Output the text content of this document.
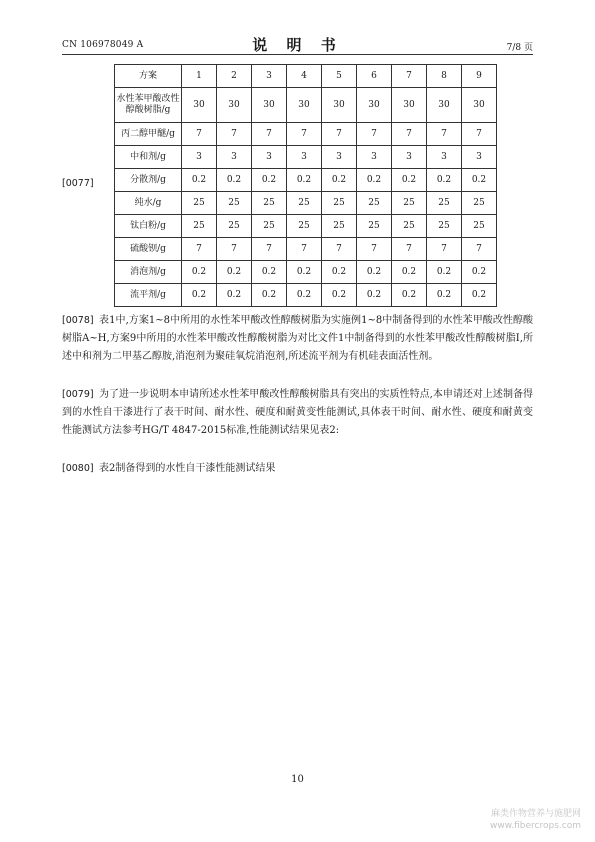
CN 106978049 A	说 明 书	7/8 页
[0077]
方案	1	2	3	4	5	6	7	8	9
水性苯甲酸改性醇酸树脂/g	30	30	30	30	30	30	30	30	30
丙二醇甲醚/g	7	7	7	7	7	7	7	7	7
中和剂/g	3	3	3	3	3	3	3	3	3
分散剂/g	0.2	0.2	0.2	0.2	0.2	0.2	0.2	0.2	0.2
纯水/g	25	25	25	25	25	25	25	25	25
钛白粉/g	25	25	25	25	25	25	25	25	25
硫酸钡/g	7	7	7	7	7	7	7	7	7
消泡剂/g	0.2	0.2	0.2	0.2	0.2	0.2	0.2	0.2	0.2
流平剂/g	0.2	0.2	0.2	0.2	0.2	0.2	0.2	0.2	0.2
[0078] 表1中,方案1~8中所用的水性苯甲酸改性醇酸树脂为实施例1~8中制备得到的水性苯甲酸改性醇酸树脂A~H,方案9中所用的水性苯甲酸改性醇酸树脂为对比文件1中制备得到的水性苯甲酸改性醇酸树脂I,所述中和剂为二甲基乙醇胺,消泡剂为聚硅氧烷消泡剂,所述流平剂为有机硅表面活性剂。
[0079] 为了进一步说明本申请所述水性苯甲酸改性醇酸树脂具有突出的实质性特点,本申请还对上述制备得到的水性自干漆进行了表干时间、耐水性、硬度和耐黄变性能测试,具体表干时间、耐水性、硬度和耐黄变性能测试方法参考HG/T 4847-2015标准,性能测试结果见表2:
[0080] 表2制备得到的水性自干漆性能测试结果
10
麻类作物营养与施肥网
www.fibercrops.com
